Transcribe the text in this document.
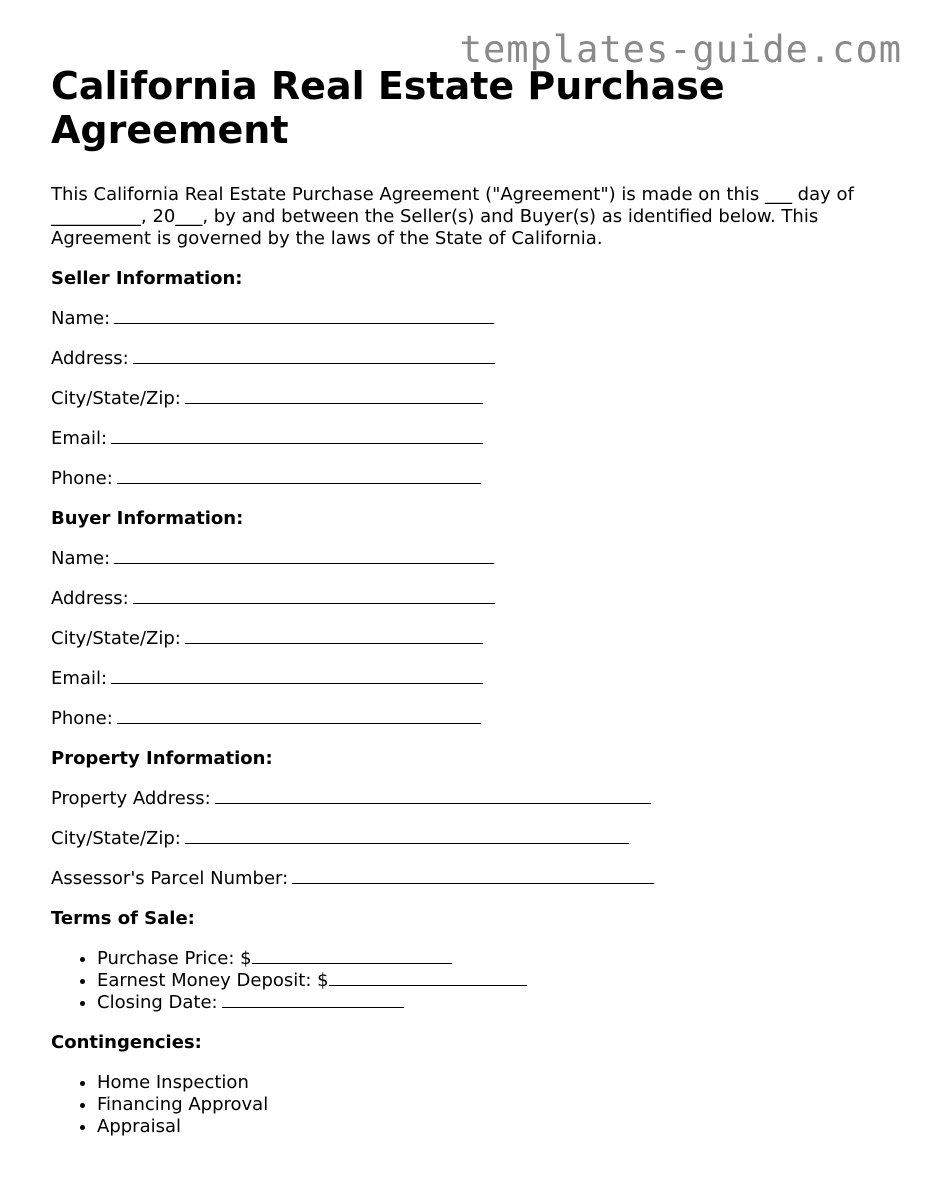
templates-guide.com
California Real Estate Purchase Agreement

This California Real Estate Purchase Agreement ("Agreement") is made on this ___ day of __________, 20___, by and between the Seller(s) and Buyer(s) as identified below. This Agreement is governed by the laws of the State of California.

Seller Information:

Name:

Address:

City/State/Zip:

Email:

Phone:

Buyer Information:

Name:

Address:

City/State/Zip:

Email:

Phone:

Property Information:

Property Address:

City/State/Zip:

Assessor's Parcel Number:

Terms of Sale:

• Purchase Price: $
• Earnest Money Deposit: $
• Closing Date:

Contingencies:

• Home Inspection
• Financing Approval
• Appraisal
